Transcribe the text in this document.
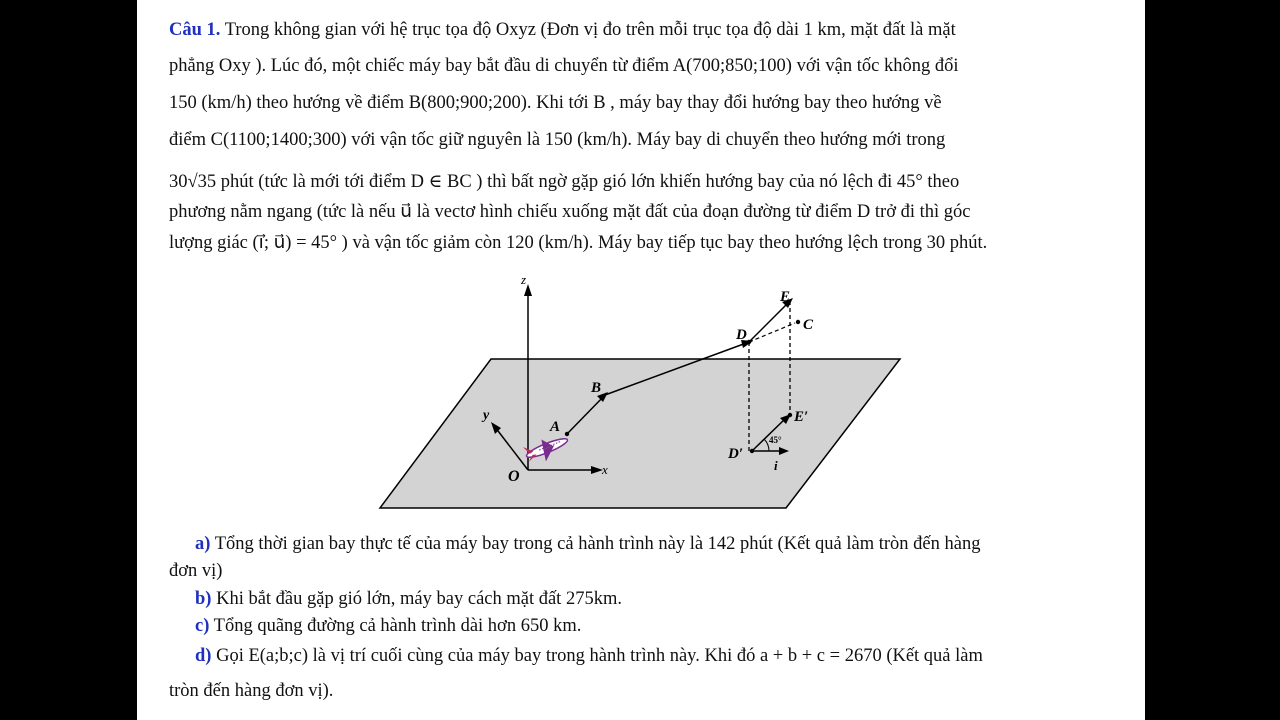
Câu 1. Trong không gian với hệ trục tọa độ Oxyz (Đơn vị đo trên mỗi trục tọa độ dài 1 km, mặt đất là mặt
phẳng Oxy ). Lúc đó, một chiếc máy bay bắt đầu di chuyển từ điểm A(700;850;100) với vận tốc không đổi
150 (km/h) theo hướng về điểm B(800;900;200). Khi tới B , máy bay thay đổi hướng bay theo hướng về
điểm C(1100;1400;300) với vận tốc giữ nguyên là 150 (km/h). Máy bay di chuyển theo hướng mới trong
30√35 phút (tức là mới tới điểm D ∈ BC ) thì bất ngờ gặp gió lớn khiến hướng bay của nó lệch đi 45° theo
phương nằm ngang (tức là nếu u⃗ là vectơ hình chiếu xuống mặt đất của đoạn đường từ điểm D trở đi thì góc
lượng giác (i⃗; u⃗) = 45° ) và vận tốc giảm còn 120 (km/h). Máy bay tiếp tục bay theo hướng lệch trong 30 phút.
z
y
x
O
A
B
D
E
C
D′
E′
i
45°
a) Tổng thời gian bay thực tế của máy bay trong cả hành trình này là 142 phút (Kết quả làm tròn đến hàng
đơn vị)
b) Khi bắt đầu gặp gió lớn, máy bay cách mặt đất 275km.
c) Tổng quãng đường cả hành trình dài hơn 650 km.
d) Gọi E(a;b;c) là vị trí cuối cùng của máy bay trong hành trình này. Khi đó a + b + c = 2670 (Kết quả làm
tròn đến hàng đơn vị).
